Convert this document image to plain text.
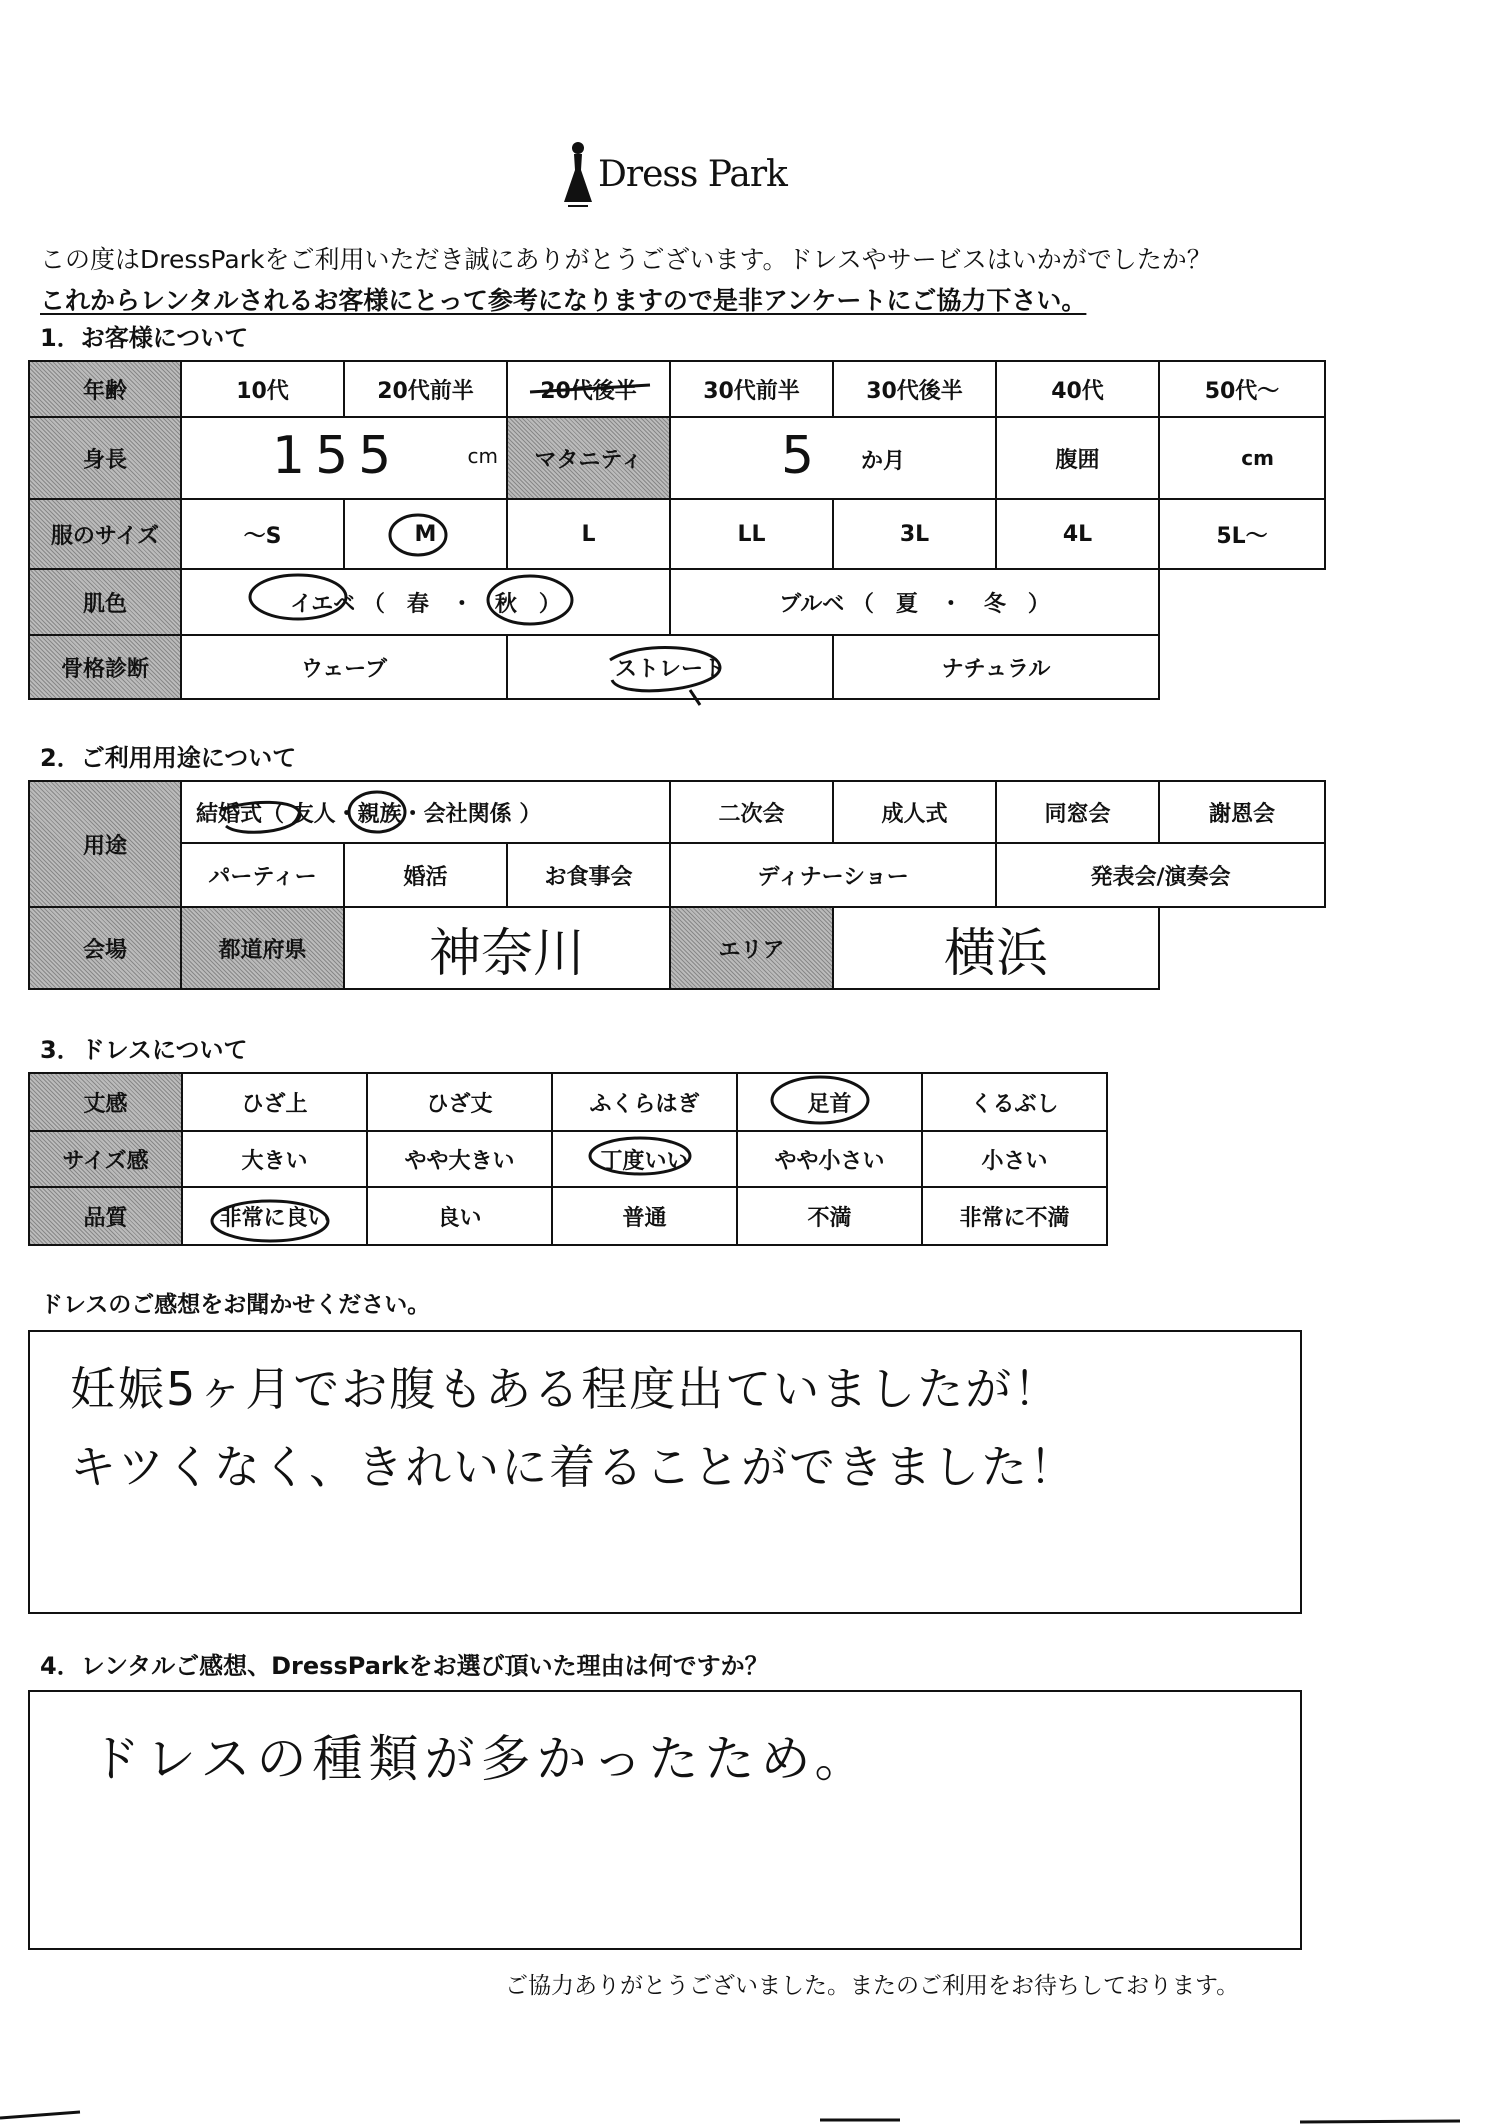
Dress Park
この度はDressParkをご利用いただき誠にありがとうございます。ドレスやサービスはいかがでしたか？
これからレンタルされるお客様にとって参考になりますので是非アンケートにご協力下さい。
1．お客様について
年齢	10代	20代前半	20代後半	30代前半	30代後半	40代	50代～
身長	155 cm		マタニティ	5 か月		腹囲	cm
服のサイズ	～S	M	L	LL	3L	4L	5L～
肌色	イエベ （　春　・　秋　）			ブルベ （　夏　・　冬　）			
骨格診断	ウェーブ		ストレート		ナチュラル		
2．ご利用用途について
用途	結婚式（ 友人・親族・会社関係 ）			二次会	成人式	同窓会	謝恩会
	パーティー	婚活	お食事会	ディナーショー		発表会/演奏会	
会場	都道府県	神奈川		エリア	横浜		
3．ドレスについて
丈感	ひざ上	ひざ丈	ふくらはぎ	足首	くるぶし
サイズ感	大きい	やや大きい	丁度いい	やや小さい	小さい
品質	非常に良い	良い	普通	不満	非常に不満
ドレスのご感想をお聞かせください。
妊娠5ヶ月でお腹もある程度出ていましたが！
キツくなく、きれいに着ることができました！
4．レンタルご感想、DressParkをお選び頂いた理由は何ですか？
ドレスの種類が多かったため。
ご協力ありがとうございました。またのご利用をお待ちしております。
